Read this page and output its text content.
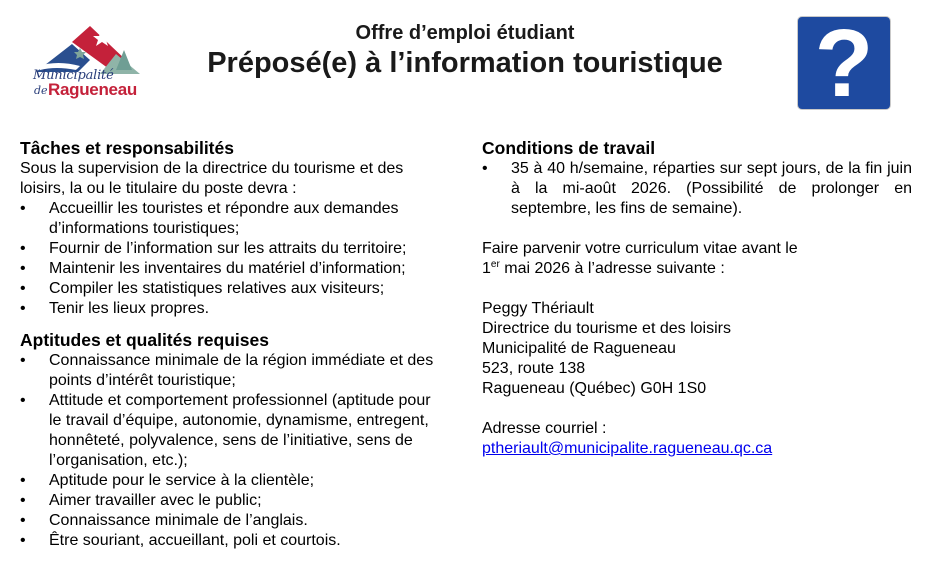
Municipalité
de Ragueneau
Offre d’emploi étudiant
Préposé(e) à l’information touristique ?
Tâches et responsabilités

Sous la supervision de la directrice du tourisme et des loisirs, la ou le titulaire du poste devra :

• Accueillir les touristes et répondre aux demandes d’informations touristiques;
• Fournir de l’information sur les attraits du territoire;
• Maintenir les inventaires du matériel d’information;
• Compiler les statistiques relatives aux visiteurs;
• Tenir les lieux propres.
Aptitudes et qualités requises
• Connaissance minimale de la région immédiate et des points d’intérêt touristique;
• Attitude et comportement professionnel (aptitude pour le travail d’équipe, autonomie, dynamisme, entregent, honnêteté, polyvalence, sens de l’initiative, sens de l’organisation, etc.);
• Aptitude pour le service à la clientèle;
• Aimer travailler avec le public;
• Connaissance minimale de l’anglais.
• Être souriant, accueillant, poli et courtois.
Conditions de travail
• 35 à 40 h/semaine, réparties sur sept jours, de la fin juin à la mi-août 2026. (Possibilité de prolonger en septembre, les fins de semaine).

Faire parvenir votre curriculum vitae avant le

1er mai 2026 à l’adresse suivante :

Peggy Thériault

Directrice du tourisme et des loisirs

Municipalité de Ragueneau

523, route 138

Ragueneau (Québec) G0H 1S0

Adresse courriel :

ptheriault@municipalite.ragueneau.qc.ca
